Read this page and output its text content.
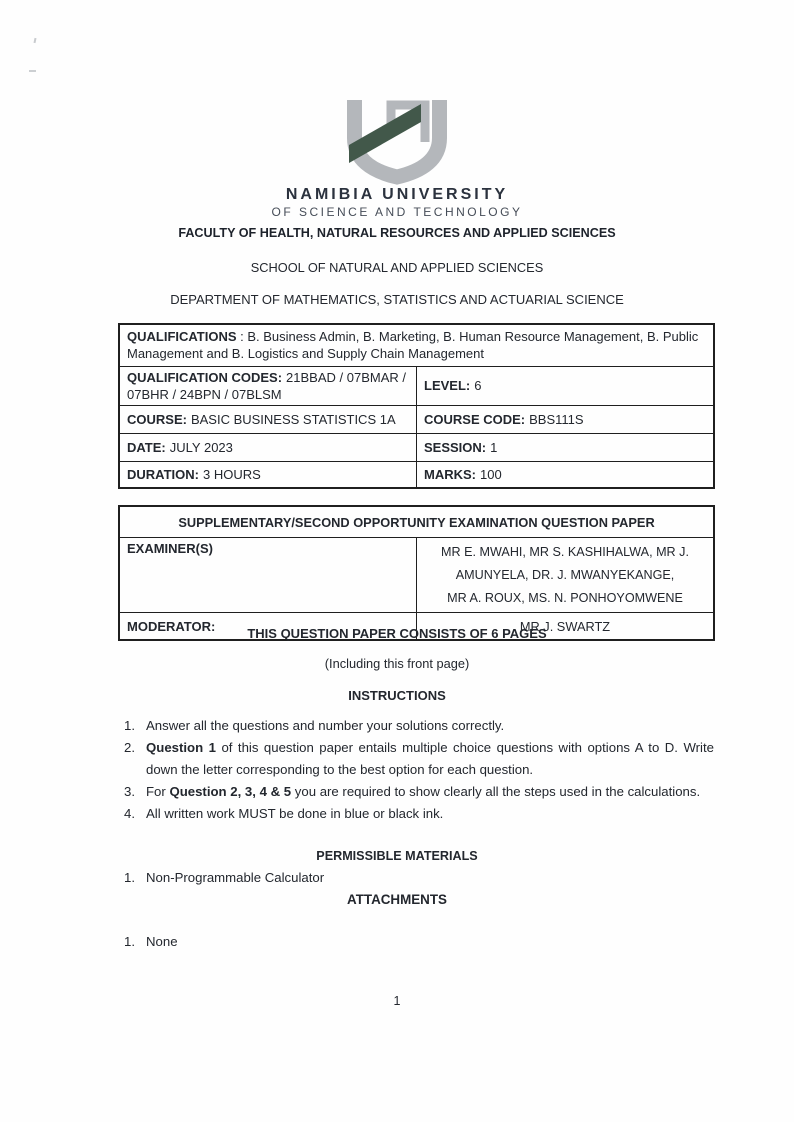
NAMIBIA UNIVERSITY
OF SCIENCE AND TECHNOLOGY
FACULTY OF HEALTH, NATURAL RESOURCES AND APPLIED SCIENCES
SCHOOL OF NATURAL AND APPLIED SCIENCES
DEPARTMENT OF MATHEMATICS, STATISTICS AND ACTUARIAL SCIENCE
QUALIFICATIONS : B. Business Admin, B. Marketing, B. Human Resource Management, B. Public Management and B. Logistics and Supply Chain Management	
QUALIFICATION CODES: 21BBAD / 07BMAR / 07BHR / 24BPN / 07BLSM	LEVEL: 6
COURSE: BASIC BUSINESS STATISTICS 1A	COURSE CODE: BBS111S
DATE: JULY 2023	SESSION: 1
DURATION: 3 HOURS	MARKS: 100
SUPPLEMENTARY/SECOND OPPORTUNITY EXAMINATION QUESTION PAPER	
EXAMINER(S)	MR E. MWAHI, MR S. KASHIHALWA, MR J. AMUNYELA, DR. J. MWANYEKANGE,
MR A. ROUX, MS. N. PONHOYOMWENE

MODERATOR:	MR J. SWARTZ
THIS QUESTION PAPER CONSISTS OF 6 PAGES
(Including this front page)
INSTRUCTIONS
1. Answer all the questions and number your solutions correctly.
2. Question 1 of this question paper entails multiple choice questions with options A to D. Write down the letter corresponding to the best option for each question.
3. For Question 2, 3, 4 & 5 you are required to show clearly all the steps used in the calculations.
4. All written work MUST be done in blue or black ink.
PERMISSIBLE MATERIALS
1. Non-Programmable Calculator
ATTACHMENTS
1. None
1
